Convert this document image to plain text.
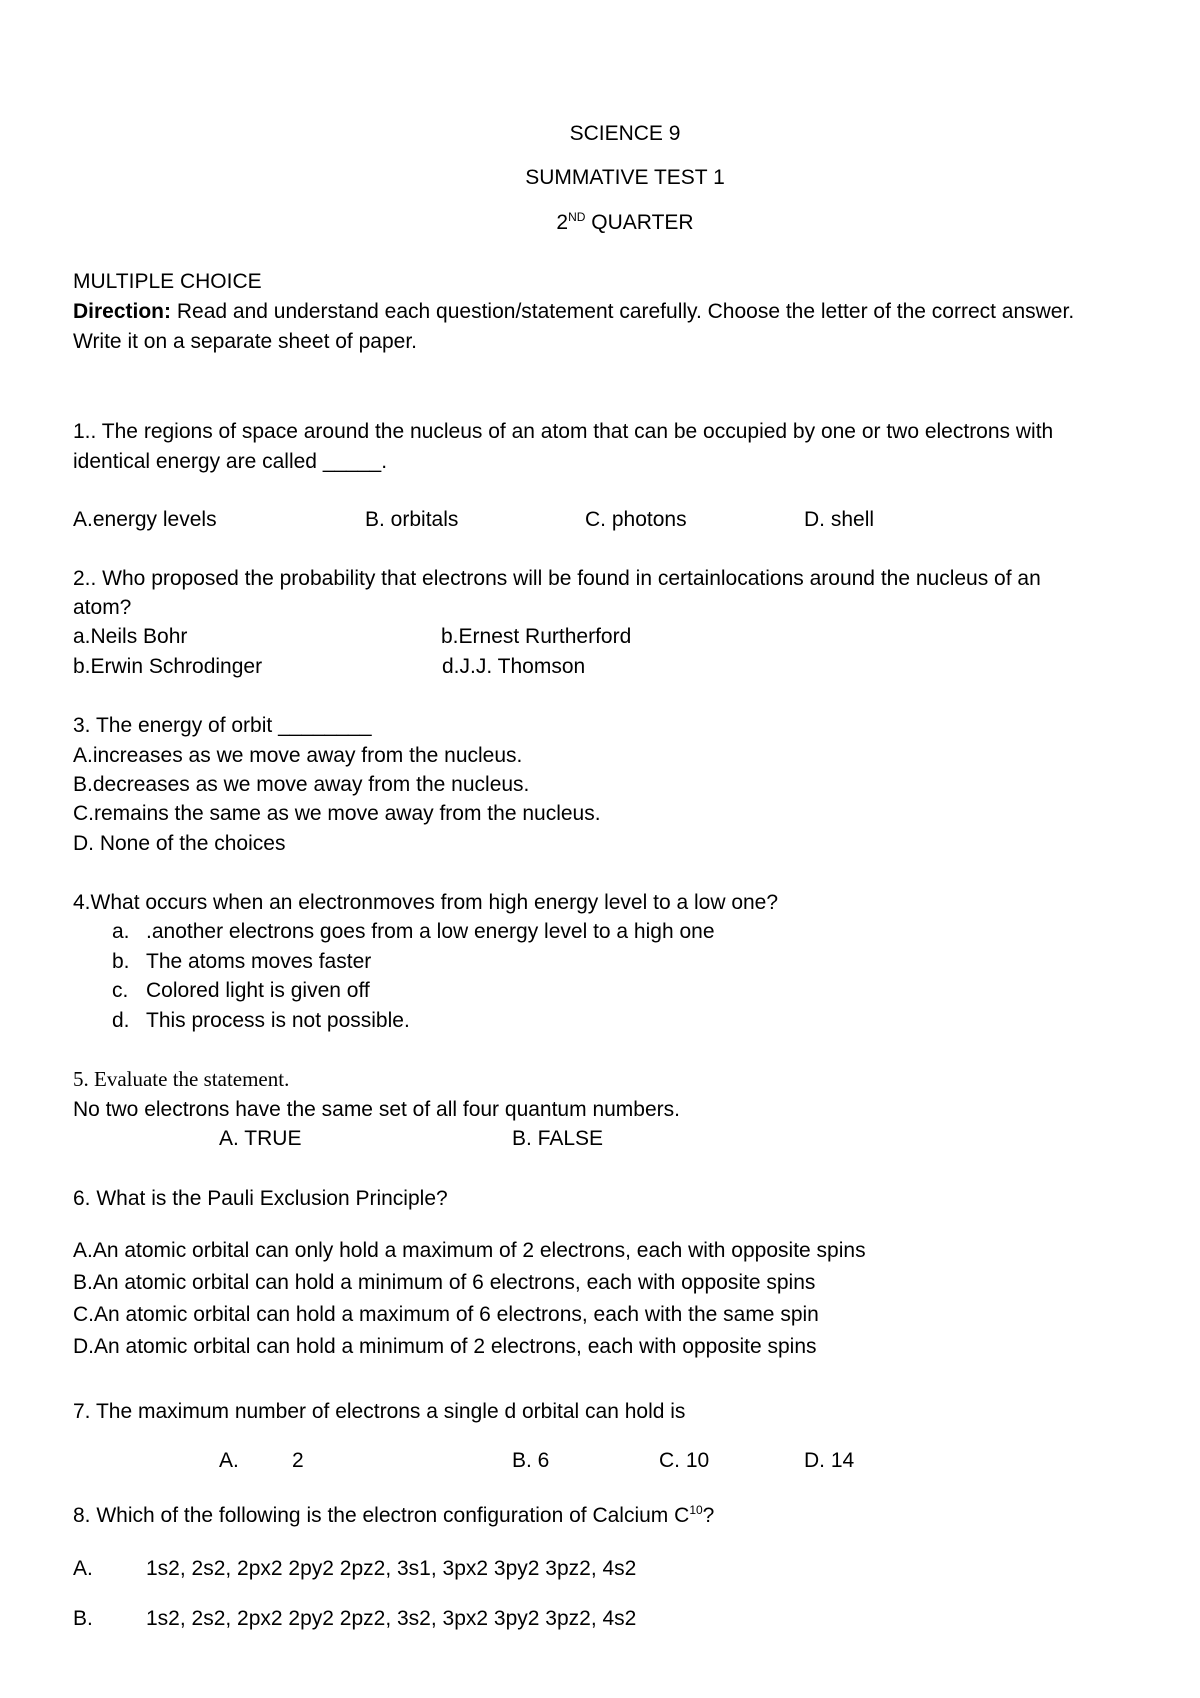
SCIENCE 9
SUMMATIVE TEST 1
2ND QUARTER
MULTIPLE CHOICE
Direction: Read and understand each question/statement carefully. Choose the letter of the correct answer.
Write it on a separate sheet of paper.
1.. The regions of space around the nucleus of an atom that can be occupied by one or two electrons with
identical energy are called _____.
A.energy levels	B. orbitals	C. photons	D. shell
2.. Who proposed the probability that electrons will be found in certainlocations around the nucleus of an
atom?
a.Neils Bohr	b.Ernest Rurtherford
b.Erwin Schrodinger	d.J.J. Thomson
3. The energy of orbit ________
A.increases as we move away from the nucleus.
B.decreases as we move away from the nucleus.
C.remains the same as we move away from the nucleus.
D. None of the choices
4.What occurs when an electronmoves from high energy level to a low one?
a. .another electrons goes from a low energy level to a high one
b. The atoms moves faster
c. Colored light is given off
d. This process is not possible.
5. Evaluate the statement.
No two electrons have the same set of all four quantum numbers.
A. TRUE	B. FALSE
6. What is the Pauli Exclusion Principle?
A.An atomic orbital can only hold a maximum of 2 electrons, each with opposite spins
B.An atomic orbital can hold a minimum of 6 electrons, each with opposite spins
C.An atomic orbital can hold a maximum of 6 electrons, each with the same spin
D.An atomic orbital can hold a minimum of 2 electrons, each with opposite spins
7. The maximum number of electrons a single d orbital can hold is
A.	2	B. 6	C. 10	D. 14
8. Which of the following is the electron configuration of Calcium $C^{10}$?
A.	1s2, 2s2, 2px2 2py2 2pz2, 3s1, 3px2 3py2 3pz2, 4s2
B.	1s2, 2s2, 2px2 2py2 2pz2, 3s2, 3px2 3py2 3pz2, 4s2
